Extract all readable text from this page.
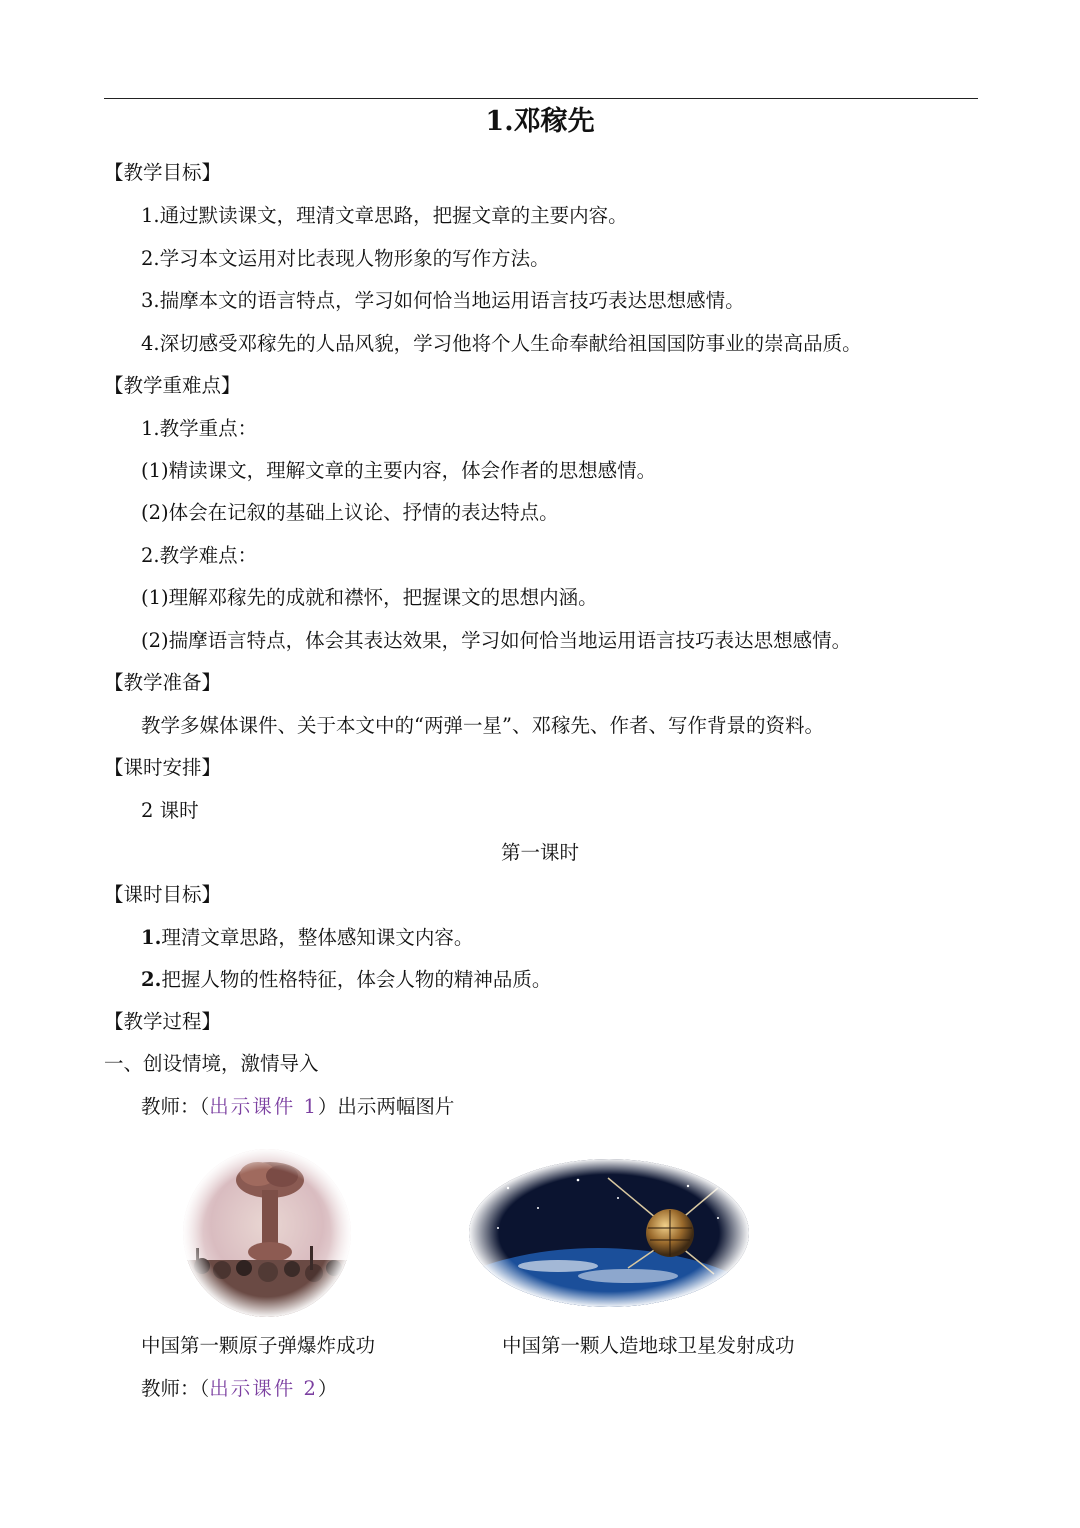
1.邓稼先
【教学目标】
1.通过默读课文，理清文章思路，把握文章的主要内容。
2.学习本文运用对比表现人物形象的写作方法。
3.揣摩本文的语言特点，学习如何恰当地运用语言技巧表达思想感情。
4.深切感受邓稼先的人品风貌，学习他将个人生命奉献给祖国国防事业的崇高品质。
【教学重难点】
1.教学重点：
(1)精读课文，理解文章的主要内容，体会作者的思想感情。
(2)体会在记叙的基础上议论、抒情的表达特点。
2.教学难点：
(1)理解邓稼先的成就和襟怀，把握课文的思想内涵。
(2)揣摩语言特点，体会其表达效果，学习如何恰当地运用语言技巧表达思想感情。
【教学准备】
教学多媒体课件、关于本文中的“两弹一星”、邓稼先、作者、写作背景的资料。
【课时安排】
2 课时
第一课时
【课时目标】
1.理清文章思路，整体感知课文内容。
2.把握人物的性格特征，体会人物的精神品质。
【教学过程】
一、创设情境，激情导入
教师：（出示课件 1）出示两幅图片
中国第一颗原子弹爆炸成功	中国第一颗人造地球卫星发射成功
教师：（出示课件 2）
